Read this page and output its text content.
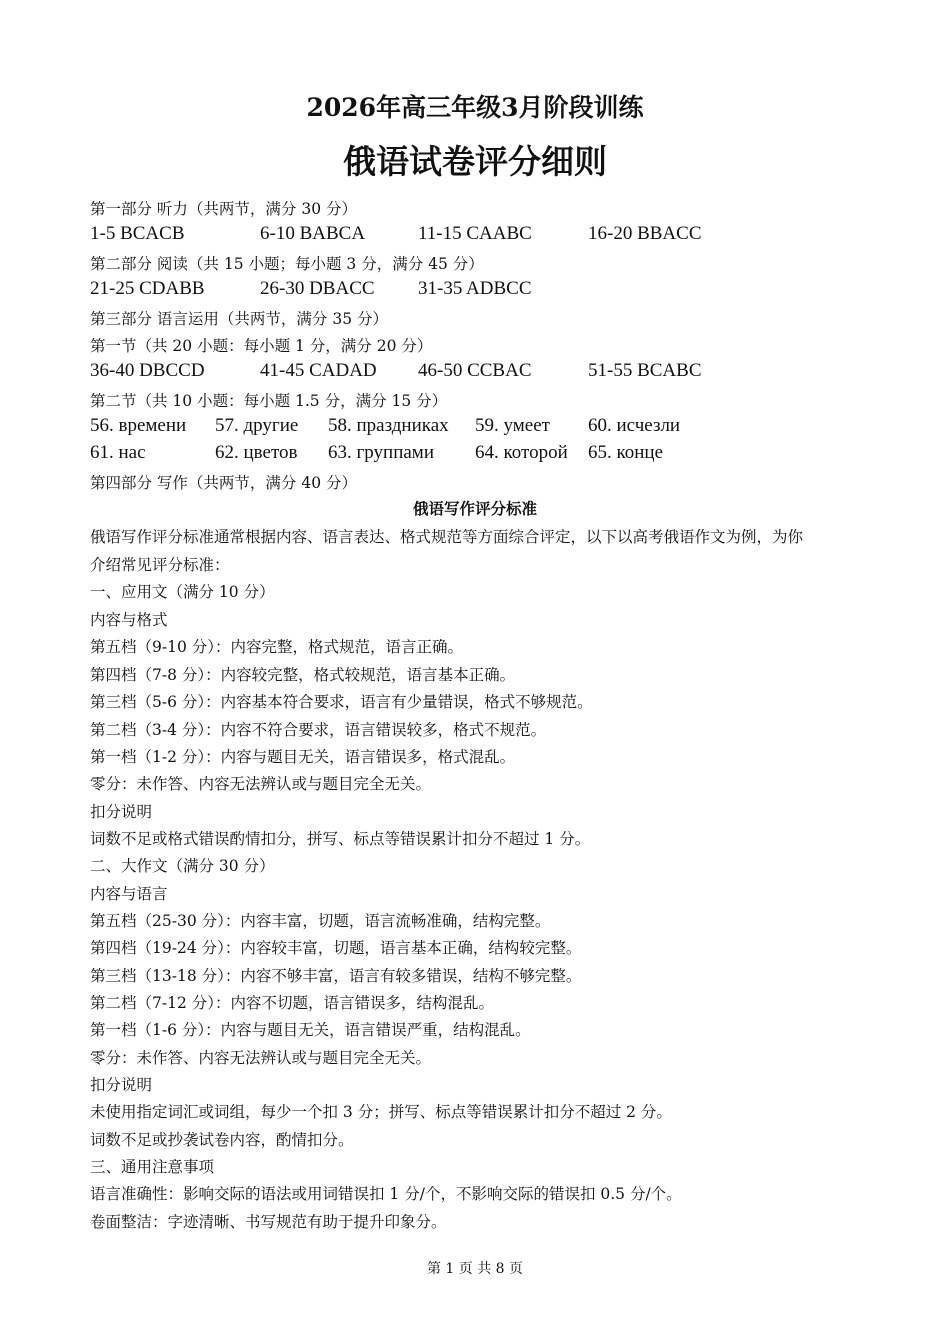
2026年高三年级3月阶段训练
俄语试卷评分细则
第一部分 听力（共两节，满分 30 分）
1-5 BCACB	6-10 BABCA	11-15 CAABC	16-20 BBACC
第二部分 阅读（共 15 小题；每小题 3 分，满分 45 分）
21-25 CDABB	26-30 DBACC 31-35 ADBCC
第三部分 语言运用（共两节，满分 35 分）
第一节（共 20 小题：每小题 1 分，满分 20 分）
36-40 DBCCD	41-45 CADAD 46-50 CCBAC	51-55 BCABC
第二节（共 10 小题：每小题 1.5 分，满分 15 分）
56. времени 57. другие 58. праздниках 59. умеет 60. исчезли
61. нас	62. цветов 63. группами 64. которой 65. конце
第四部分 写作（共两节，满分 40 分）
俄语写作评分标准
俄语写作评分标准通常根据内容、语言表达、格式规范等方面综合评定，以下以高考俄语作文为例，为你
介绍常见评分标准：
一、应用文（满分 10 分）
内容与格式
第五档（9-10 分）：内容完整，格式规范，语言正确。
第四档（7-8 分）：内容较完整，格式较规范，语言基本正确。
第三档（5-6 分）：内容基本符合要求，语言有少量错误，格式不够规范。
第二档（3-4 分）：内容不符合要求，语言错误较多，格式不规范。
第一档（1-2 分）：内容与题目无关，语言错误多，格式混乱。
零分：未作答、内容无法辨认或与题目完全无关。
扣分说明
词数不足或格式错误酌情扣分，拼写、标点等错误累计扣分不超过 1 分。
二、大作文（满分 30 分）
内容与语言
第五档（25-30 分）：内容丰富，切题，语言流畅准确，结构完整。
第四档（19-24 分）：内容较丰富，切题，语言基本正确，结构较完整。
第三档（13-18 分）：内容不够丰富，语言有较多错误，结构不够完整。
第二档（7-12 分）：内容不切题，语言错误多，结构混乱。
第一档（1-6 分）：内容与题目无关，语言错误严重，结构混乱。
零分：未作答、内容无法辨认或与题目完全无关。
扣分说明
未使用指定词汇或词组，每少一个扣 3 分；拼写、标点等错误累计扣分不超过 2 分。
词数不足或抄袭试卷内容，酌情扣分。
三、通用注意事项
语言准确性：影响交际的语法或用词错误扣 1 分/个，不影响交际的错误扣 0.5 分/个。
卷面整洁：字迹清晰、书写规范有助于提升印象分。
第 1 页 共 8 页
